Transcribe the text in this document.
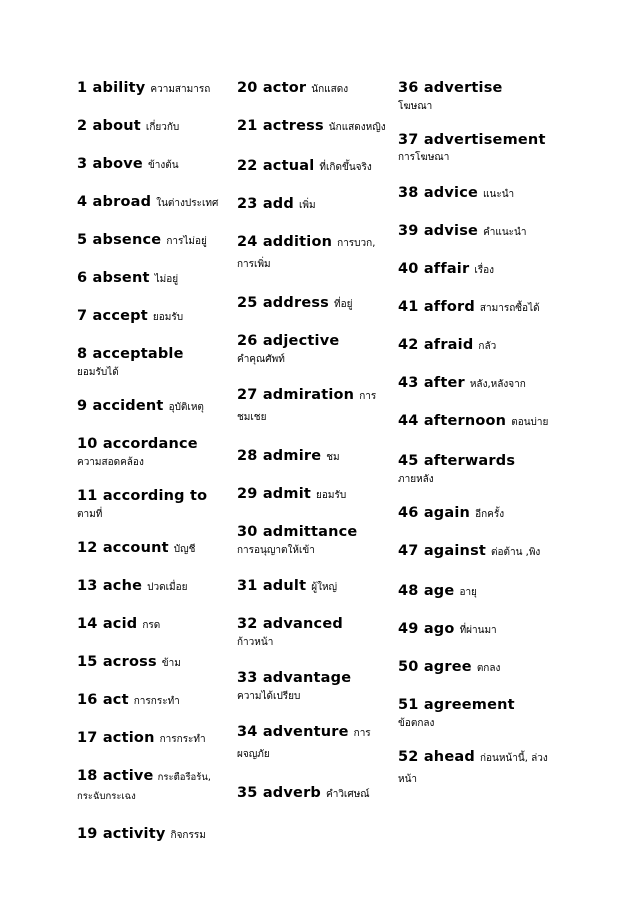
1 ability ความสามารถ

2 about เกี่ยวกับ

3 above ข้างต้น

4 abroad ในต่างประเทศ

5 absence การไม่อยู่

6 absent ไม่อยู่

7 accept ยอมรับ

8 acceptable
ยอมรับได้

9 accident อุบัติเหตุ

10 accordance
ความสอดคล้อง

11 according to
ตามที่

12 account บัญชี

13 ache ปวดเมื่อย

14 acid กรด

15 across ข้าม

16 act การกระทำ

17 action การกระทำ

18 active กระตือรือร้น, กระฉับกระเฉง

19 activity กิจกรรม

20 actor นักแสดง

21 actress นักแสดงหญิง

22 actual ที่เกิดขึ้นจริง

23 add เพิ่ม

24 addition การบวก, การเพิ่ม

25 address ที่อยู่

26 adjective
คำคุณศัพท์

27 admiration การชมเชย

28 admire ชม

29 admit ยอมรับ

30 admittance
การอนุญาตให้เข้า

31 adult ผู้ใหญ่

32 advanced
ก้าวหน้า

33 advantage
ความได้เปรียบ

34 adventure การผจญภัย

35 adverb คำวิเศษณ์

36 advertise
โฆษณา

37 advertisement
การโฆษณา

38 advice แนะนำ

39 advise คำแนะนำ

40 affair เรื่อง

41 afford สามารถซื้อได้

42 afraid กลัว

43 after หลัง,หลังจาก

44 afternoon ตอนบ่าย

45 afterwards
ภายหลัง

46 again อีกครั้ง

47 against ต่อต้าน ,พิง

48 age อายุ

49 ago ที่ผ่านมา

50 agree ตกลง

51 agreement
ข้อตกลง

52 ahead ก่อนหน้านี้, ล่วงหน้า
